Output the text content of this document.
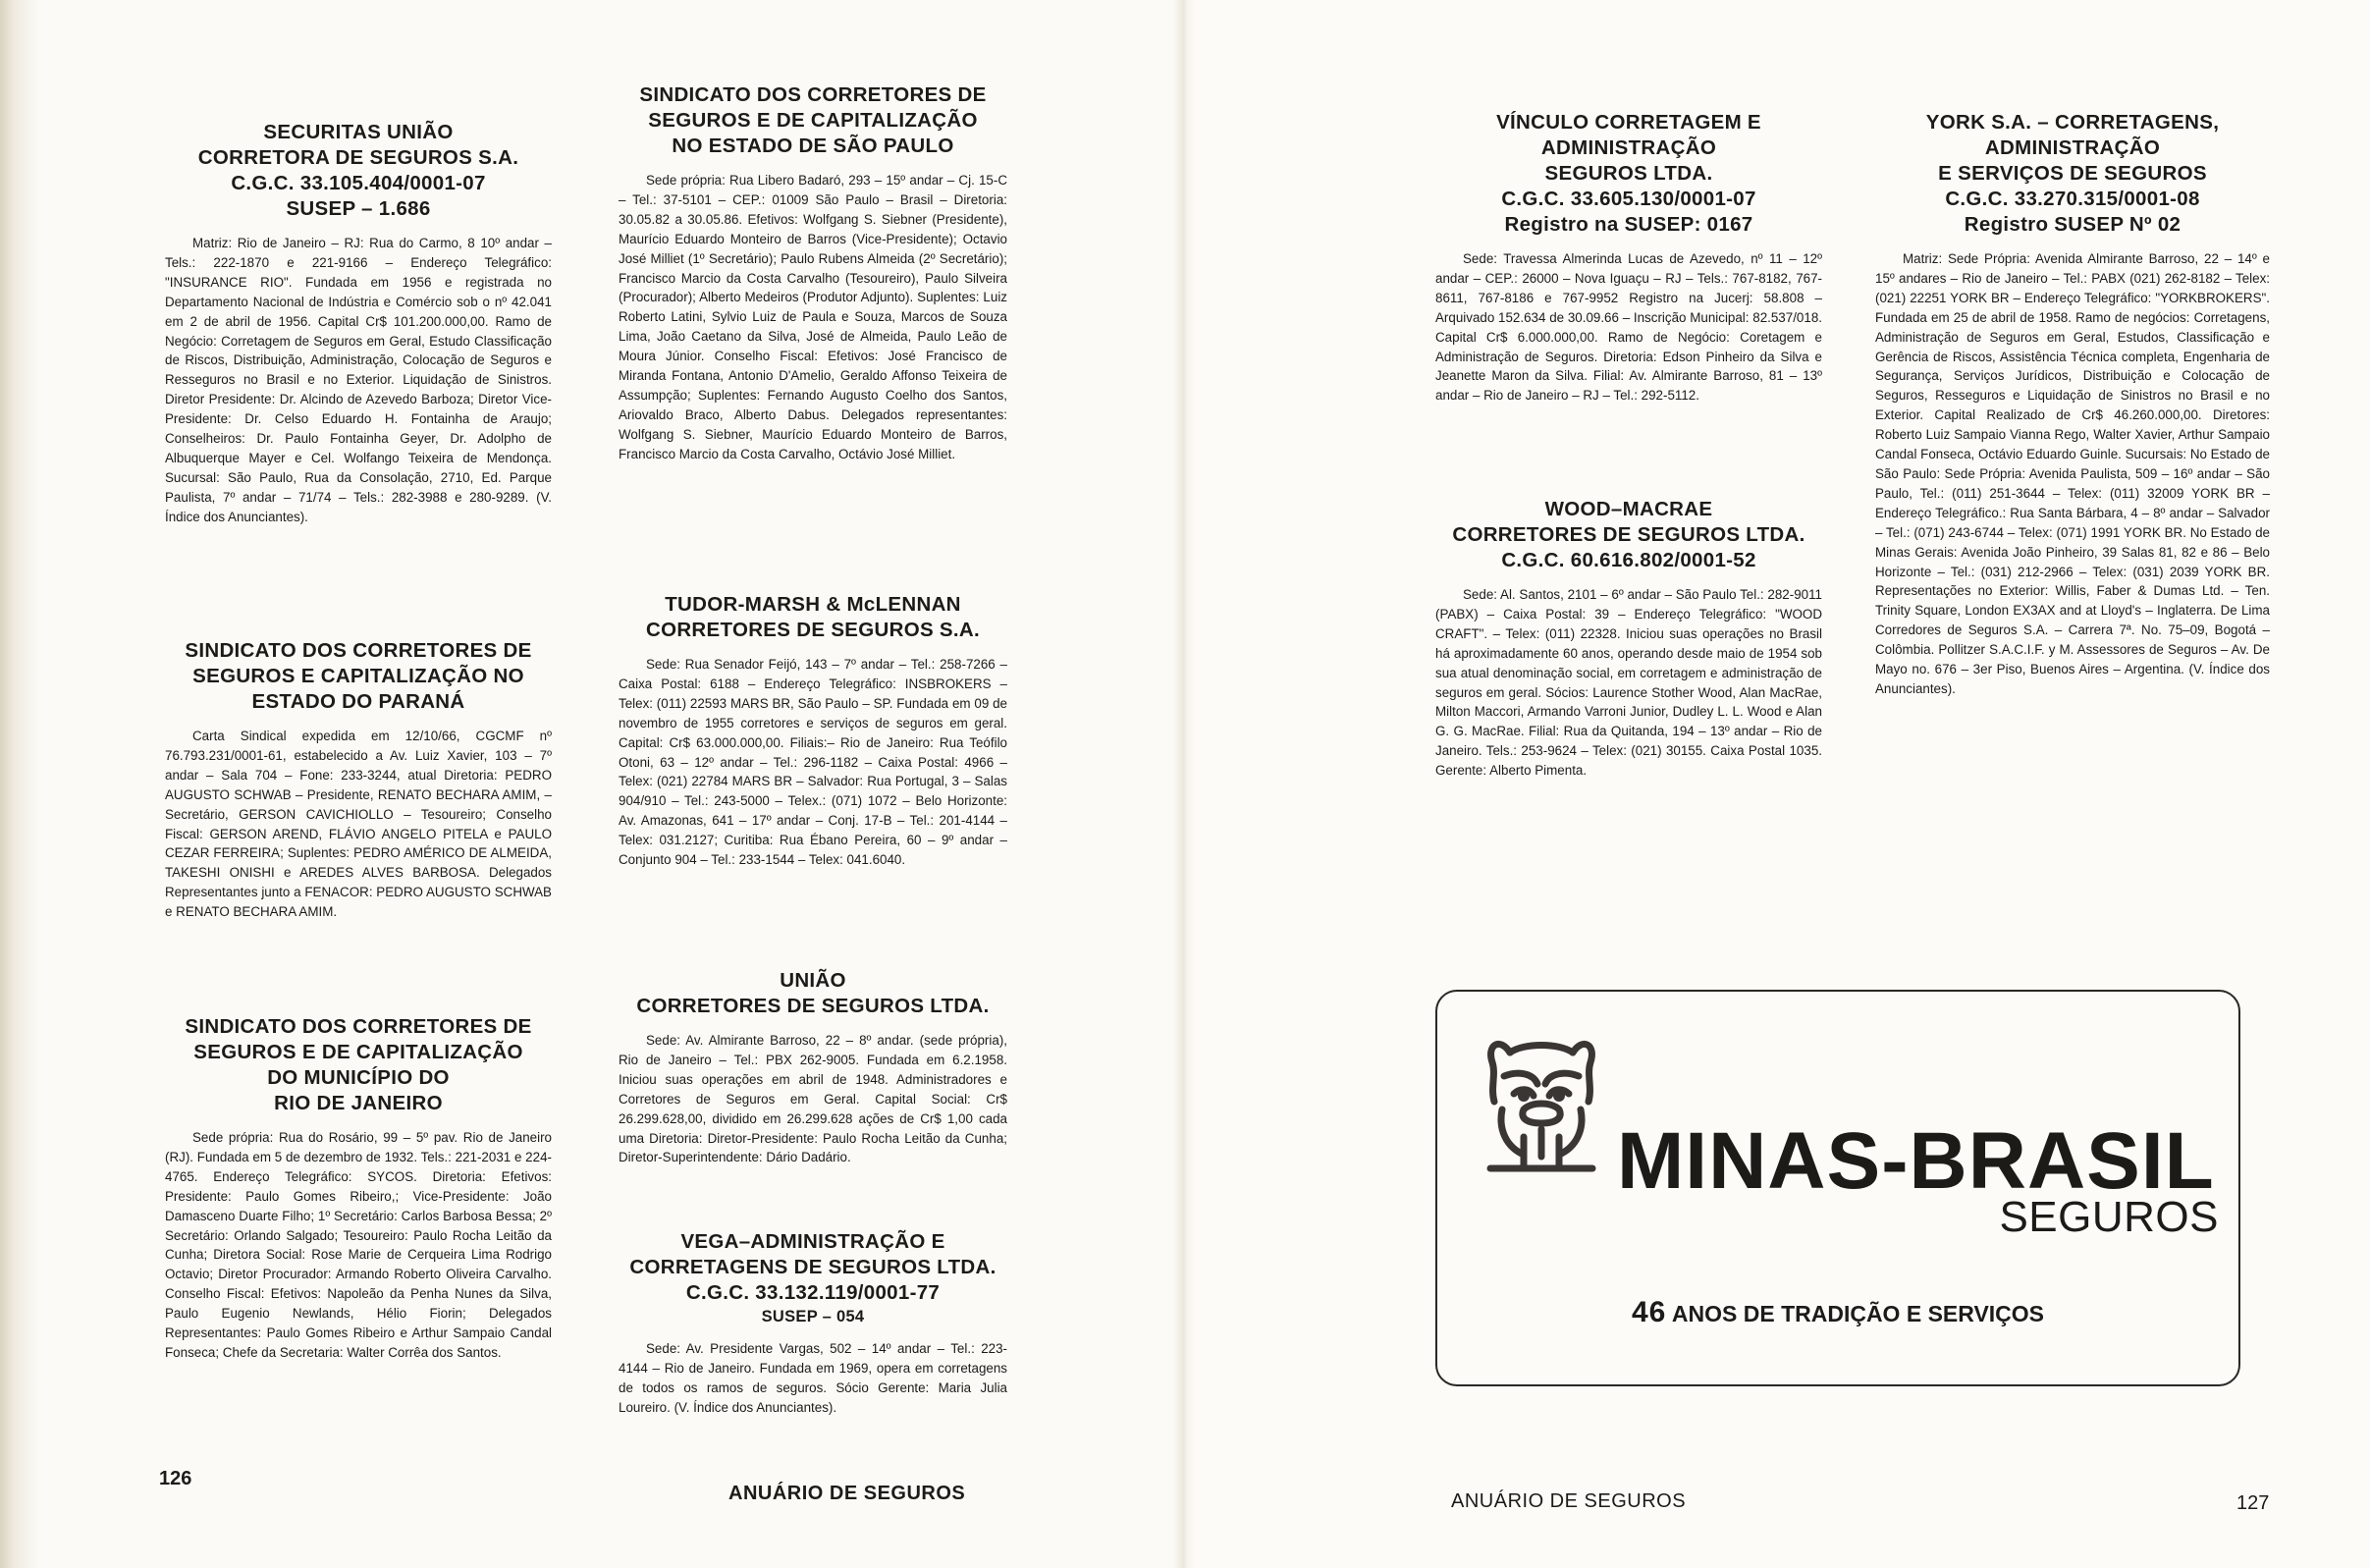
SECURITAS UNIÃO
CORRETORA DE SEGUROS S.A.
C.G.C. 33.105.404/0001-07
SUSEP – 1.686

Matriz: Rio de Janeiro – RJ: Rua do Carmo, 8 10º andar – Tels.: 222-1870 e 221-9166 – Endereço Telegráfico: "INSURANCE RIO". Fundada em 1956 e registrada no Departamento Nacional de Indústria e Comércio sob o nº 42.041 em 2 de abril de 1956. Capital Cr$ 101.200.000,00. Ramo de Negócio: Corretagem de Seguros em Geral, Estudo Classificação de Riscos, Distribuição, Administração, Colocação de Seguros e Resseguros no Brasil e no Exterior. Liquidação de Sinistros. Diretor Presidente: Dr. Alcindo de Azevedo Barboza; Diretor Vice-Presidente: Dr. Celso Eduardo H. Fontainha de Araujo; Conselheiros: Dr. Paulo Fontainha Geyer, Dr. Adolpho de Albuquerque Mayer e Cel. Wolfango Teixeira de Mendonça. Sucursal: São Paulo, Rua da Consolação, 2710, Ed. Parque Paulista, 7º andar – 71/74 – Tels.: 282-3988 e 280-9289. (V. Índice dos Anunciantes).

SINDICATO DOS CORRETORES DE
SEGUROS E CAPITALIZAÇÃO NO
ESTADO DO PARANÁ

Carta Sindical expedida em 12/10/66, CGCMF nº 76.793.231/0001-61, estabelecido a Av. Luiz Xavier, 103 – 7º andar – Sala 704 – Fone: 233-3244, atual Diretoria: PEDRO AUGUSTO SCHWAB – Presidente, RENATO BECHARA AMIM, – Secretário, GERSON CAVICHIOLLO – Tesoureiro; Conselho Fiscal: GERSON AREND, FLÁVIO ANGELO PITELA e PAULO CEZAR FERREIRA; Suplentes: PEDRO AMÉRICO DE ALMEIDA, TAKESHI ONISHI e AREDES ALVES BARBOSA. Delegados Representantes junto a FENACOR: PEDRO AUGUSTO SCHWAB e RENATO BECHARA AMIM.

SINDICATO DOS CORRETORES DE
SEGUROS E DE CAPITALIZAÇÃO
DO MUNICÍPIO DO
RIO DE JANEIRO

Sede própria: Rua do Rosário, 99 – 5º pav. Rio de Janeiro (RJ). Fundada em 5 de dezembro de 1932. Tels.: 221-2031 e 224-4765. Endereço Telegráfico: SYCOS. Diretoria: Efetivos: Presidente: Paulo Gomes Ribeiro,; Vice-Presidente: João Damasceno Duarte Filho; 1º Secretário: Carlos Barbosa Bessa; 2º Secretário: Orlando Salgado; Tesoureiro: Paulo Rocha Leitão da Cunha; Diretora Social: Rose Marie de Cerqueira Lima Rodrigo Octavio; Diretor Procurador: Armando Roberto Oliveira Carvalho. Conselho Fiscal: Efetivos: Napoleão da Penha Nunes da Silva, Paulo Eugenio Newlands, Hélio Fiorin; Delegados Representantes: Paulo Gomes Ribeiro e Arthur Sampaio Candal Fonseca; Chefe da Secretaria: Walter Corrêa dos Santos.

SINDICATO DOS CORRETORES DE
SEGUROS E DE CAPITALIZAÇÃO
NO ESTADO DE SÃO PAULO

Sede própria: Rua Libero Badaró, 293 – 15º andar – Cj. 15-C – Tel.: 37-5101 – CEP.: 01009 São Paulo – Brasil – Diretoria: 30.05.82 a 30.05.86. Efetivos: Wolfgang S. Siebner (Presidente), Maurício Eduardo Monteiro de Barros (Vice-Presidente); Octavio José Milliet (1º Secretário); Paulo Rubens Almeida (2º Secretário); Francisco Marcio da Costa Carvalho (Tesoureiro), Paulo Silveira (Procurador); Alberto Medeiros (Produtor Adjunto). Suplentes: Luiz Roberto Latini, Sylvio Luiz de Paula e Souza, Marcos de Souza Lima, João Caetano da Silva, José de Almeida, Paulo Leão de Moura Júnior. Conselho Fiscal: Efetivos: José Francisco de Miranda Fontana, Antonio D'Amelio, Geraldo Affonso Teixeira de Assumpção; Suplentes: Fernando Augusto Coelho dos Santos, Ariovaldo Braco, Alberto Dabus. Delegados representantes: Wolfgang S. Siebner, Maurício Eduardo Monteiro de Barros, Francisco Marcio da Costa Carvalho, Octávio José Milliet.

TUDOR-MARSH & McLENNAN
CORRETORES DE SEGUROS S.A.

Sede: Rua Senador Feijó, 143 – 7º andar – Tel.: 258-7266 – Caixa Postal: 6188 – Endereço Telegráfico: INSBROKERS – Telex: (011) 22593 MARS BR, São Paulo – SP. Fundada em 09 de novembro de 1955 corretores e serviços de seguros em geral. Capital: Cr$ 63.000.000,00. Filiais:– Rio de Janeiro: Rua Teófilo Otoni, 63 – 12º andar – Tel.: 296-1182 – Caixa Postal: 4966 – Telex: (021) 22784 MARS BR – Salvador: Rua Portugal, 3 – Salas 904/910 – Tel.: 243-5000 – Telex.: (071) 1072 – Belo Horizonte: Av. Amazonas, 641 – 17º andar – Conj. 17-B – Tel.: 201-4144 – Telex: 031.2127; Curitiba: Rua Ébano Pereira, 60 – 9º andar – Conjunto 904 – Tel.: 233-1544 – Telex: 041.6040.

UNIÃO
CORRETORES DE SEGUROS LTDA.

Sede: Av. Almirante Barroso, 22 – 8º andar. (sede própria), Rio de Janeiro – Tel.: PBX 262-9005. Fundada em 6.2.1958. Iniciou suas operações em abril de 1948. Administradores e Corretores de Seguros em Geral. Capital Social: Cr$ 26.299.628,00, dividido em 26.299.628 ações de Cr$ 1,00 cada uma Diretoria: Diretor-Presidente: Paulo Rocha Leitão da Cunha; Diretor-Superintendente: Dário Dadário.

VEGA–ADMINISTRAÇÃO E
CORRETAGENS DE SEGUROS LTDA.
C.G.C. 33.132.119/0001-77
SUSEP – 054

Sede: Av. Presidente Vargas, 502 – 14º andar – Tel.: 223-4144 – Rio de Janeiro. Fundada em 1969, opera em corretagens de todos os ramos de seguros. Sócio Gerente: Maria Julia Loureiro. (V. Índice dos Anunciantes).

126
ANUÁRIO DE SEGUROS
VÍNCULO CORRETAGEM E
ADMINISTRAÇÃO
SEGUROS LTDA.
C.G.C. 33.605.130/0001-07
Registro na SUSEP: 0167

Sede: Travessa Almerinda Lucas de Azevedo, nº 11 – 12º andar – CEP.: 26000 – Nova Iguaçu – RJ – Tels.: 767-8182, 767-8611, 767-8186 e 767-9952 Registro na Jucerj: 58.808 – Arquivado 152.634 de 30.09.66 – Inscrição Municipal: 82.537/018. Capital Cr$ 6.000.000,00. Ramo de Negócio: Coretagem e Administração de Seguros. Diretoria: Edson Pinheiro da Silva e Jeanette Maron da Silva. Filial: Av. Almirante Barroso, 81 – 13º andar – Rio de Janeiro – RJ – Tel.: 292-5112.

WOOD–MACRAE
CORRETORES DE SEGUROS LTDA.
C.G.C. 60.616.802/0001-52

Sede: Al. Santos, 2101 – 6º andar – São Paulo Tel.: 282-9011 (PABX) – Caixa Postal: 39 – Endereço Telegráfico: "WOOD CRAFT". – Telex: (011) 22328. Iniciou suas operações no Brasil há aproximadamente 60 anos, operando desde maio de 1954 sob sua atual denominação social, em corretagem e administração de seguros em geral. Sócios: Laurence Stother Wood, Alan MacRae, Milton Maccori, Armando Varroni Junior, Dudley L. L. Wood e Alan G. G. MacRae. Filial: Rua da Quitanda, 194 – 13º andar – Rio de Janeiro. Tels.: 253-9624 – Telex: (021) 30155. Caixa Postal 1035. Gerente: Alberto Pimenta.

YORK S.A. – CORRETAGENS,
ADMINISTRAÇÃO
E SERVIÇOS DE SEGUROS
C.G.C. 33.270.315/0001-08
Registro SUSEP Nº 02

Matriz: Sede Própria: Avenida Almirante Barroso, 22 – 14º e 15º andares – Rio de Janeiro – Tel.: PABX (021) 262-8182 – Telex: (021) 22251 YORK BR – Endereço Telegráfico: "YORKBROKERS". Fundada em 25 de abril de 1958. Ramo de negócios: Corretagens, Administração de Seguros em Geral, Estudos, Classificação e Gerência de Riscos, Assistência Técnica completa, Engenharia de Segurança, Serviços Jurídicos, Distribuição e Colocação de Seguros, Resseguros e Liquidação de Sinistros no Brasil e no Exterior. Capital Realizado de Cr$ 46.260.000,00. Diretores: Roberto Luiz Sampaio Vianna Rego, Walter Xavier, Arthur Sampaio Candal Fonseca, Octávio Eduardo Guinle. Sucursais: No Estado de São Paulo: Sede Própria: Avenida Paulista, 509 – 16º andar – São Paulo, Tel.: (011) 251-3644 – Telex: (011) 32009 YORK BR – Endereço Telegráfico.: Rua Santa Bárbara, 4 – 8º andar – Salvador – Tel.: (071) 243-6744 – Telex: (071) 1991 YORK BR. No Estado de Minas Gerais: Avenida João Pinheiro, 39 Salas 81, 82 e 86 – Belo Horizonte – Tel.: (031) 212-2966 – Telex: (031) 2039 YORK BR. Representações no Exterior: Willis, Faber & Dumas Ltd. – Ten. Trinity Square, London EX3AX and at Lloyd's – Inglaterra. De Lima Corredores de Seguros S.A. – Carrera 7ª. No. 75–09, Bogotá – Colômbia. Pollitzer S.A.C.I.F. y M. Assessores de Seguros – Av. De Mayo no. 676 – 3er Piso, Buenos Aires – Argentina. (V. Índice dos Anunciantes).

MINAS-BRASIL
SEGUROS
46 ANOS DE TRADIÇÃO E SERVIÇOS
ANUÁRIO DE SEGUROS	127
